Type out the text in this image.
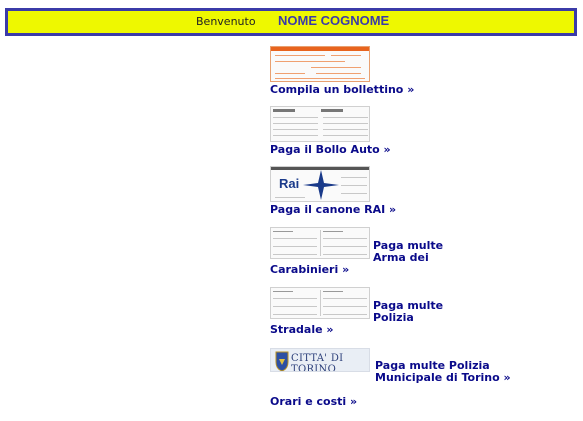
Benvenuto NOME COGNOME
Compila un bollettino »
Paga il Bollo Auto »
Rai
Paga il canone RAI »
Paga multe
Arma dei
Carabinieri »
Paga multe
Polizia
Stradale »
CITTA' DI TORINO	Paga multe Polizia
Municipale di Torino »
Orari e costi »
